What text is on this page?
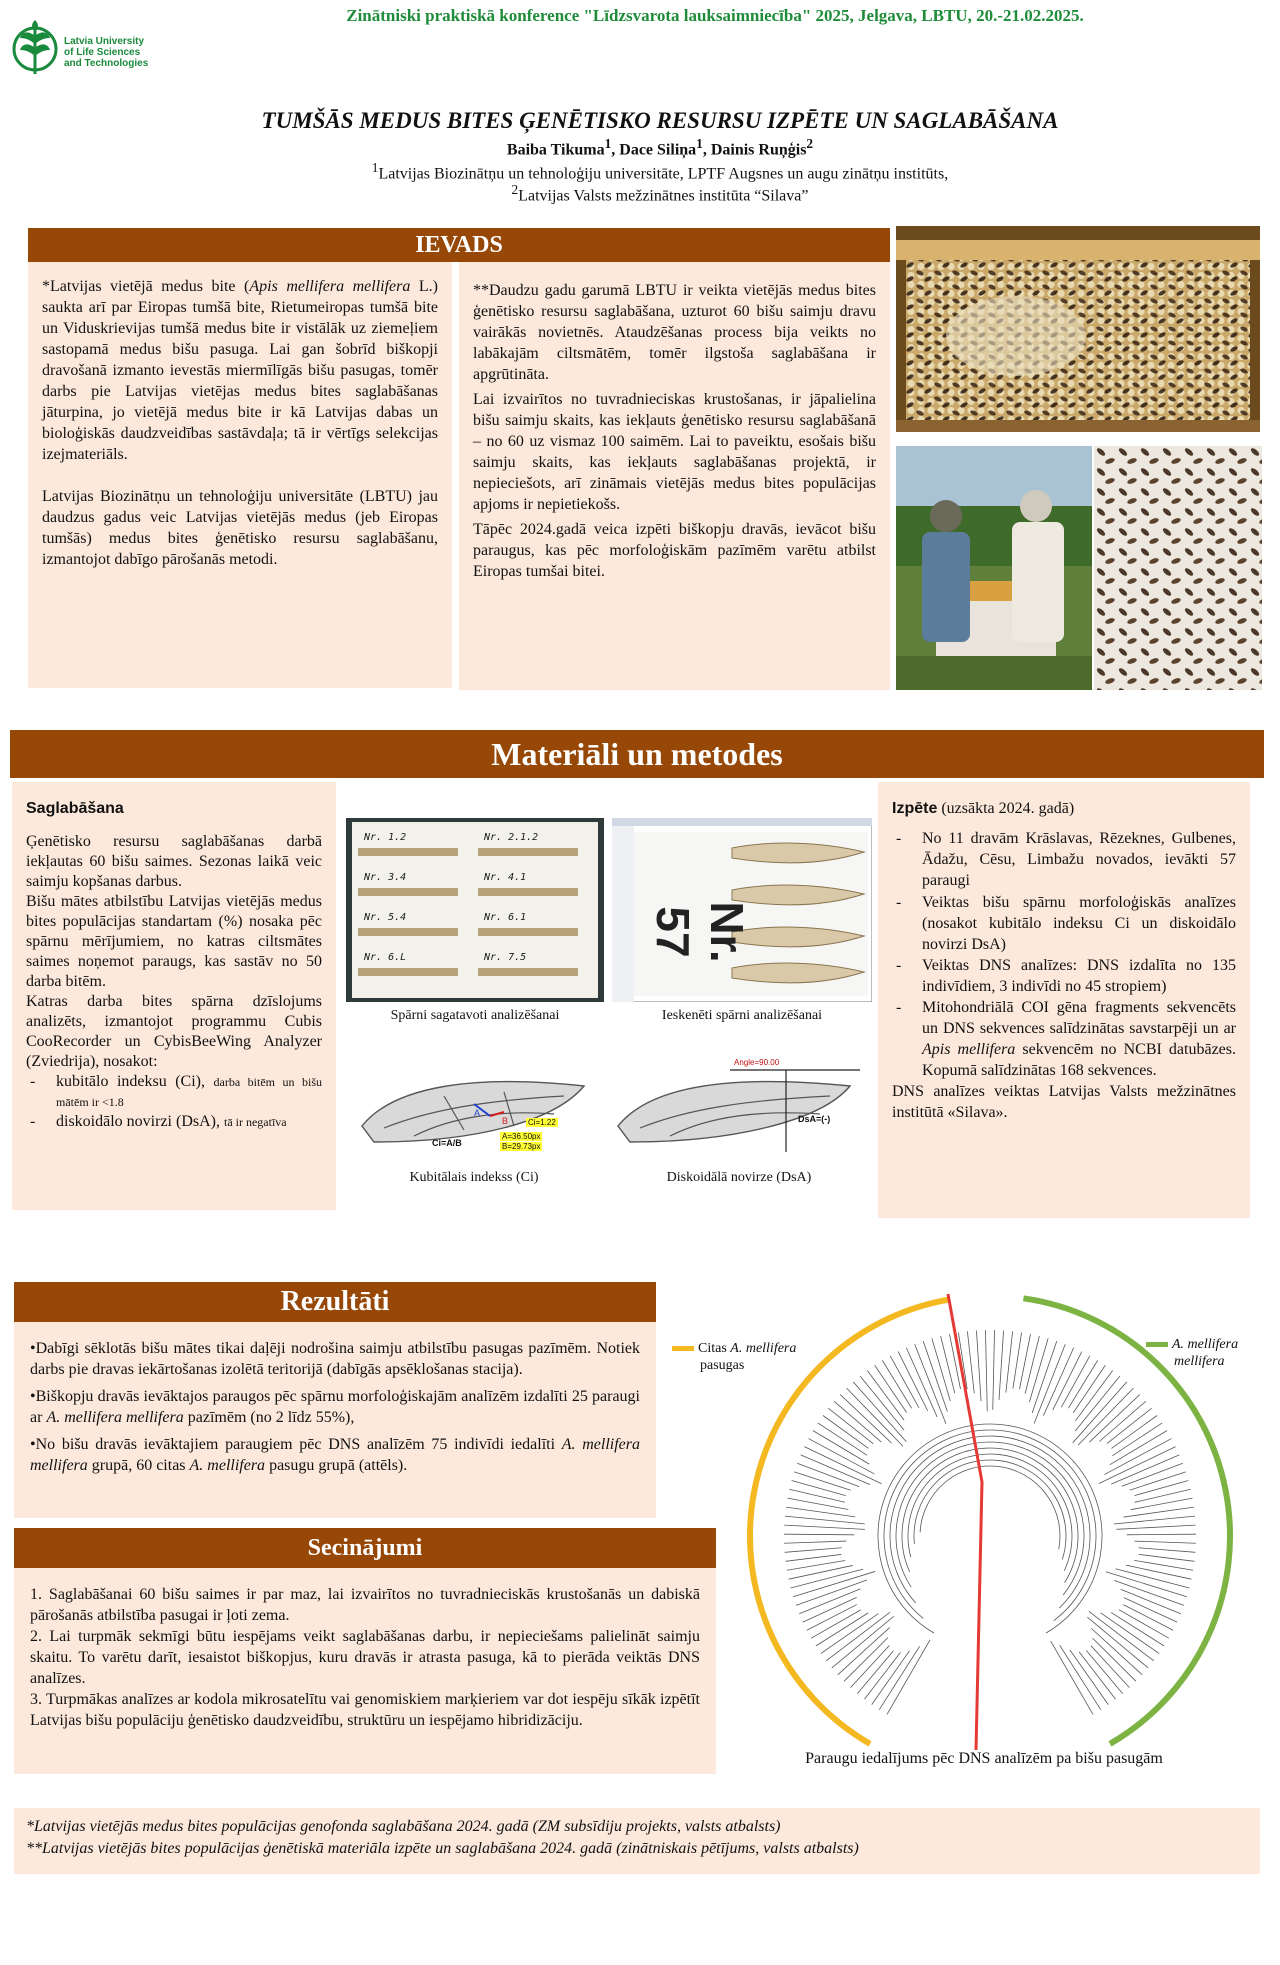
Zinātniski praktiskā konference "Līdzsvarota lauksaimniecība" 2025, Jelgava, LBTU, 20.-21.02.2025.
Latvia University
of Life Sciences
and Technologies
TUMŠĀS MEDUS BITES ĢENĒTISKO RESURSU IZPĒTE UN SAGLABĀŠANA
Baiba Tikuma$^1$, Dace Siliņa$^1$, Dainis Ruņģis$^2$
$^1$Latvijas Biozinātņu un tehnoloģiju universitāte, LPTF Augsnes un augu zinātņu institūts,
$^2$Latvijas Valsts mežzinātnes institūta “Silava”
IEVADS

*Latvijas vietējā medus bite (Apis mellifera mellifera L.) saukta arī par Eiropas tumšā bite, Rietumeiropas tumšā bite un Viduskrievijas tumšā medus bite ir vistālāk uz ziemeļiem sastopamā medus bišu pasuga. Lai gan šobrīd biškopji dravošanā izmanto ievestās miermīlīgās bišu pasugas, tomēr darbs pie Latvijas vietējas medus bites saglabāšanas jāturpina, jo vietējā medus bite ir kā Latvijas dabas un bioloģiskās daudzveidības sastāvdaļa; tā ir vērtīgs selekcijas izejmateriāls.

Latvijas Biozinātņu un tehnoloģiju universitāte (LBTU) jau daudzus gadus veic Latvijas vietējās medus (jeb Eiropas tumšās) medus bites ģenētisko resursu saglabāšanu, izmantojot dabīgo pārošanās metodi.

**Daudzu gadu garumā LBTU ir veikta vietējās medus bites ģenētisko resursu saglabāšana, uzturot 60 bišu saimju dravu vairākās novietnēs. Ataudzēšanas process bija veikts no labākajām ciltsmātēm, tomēr ilgstoša saglabāšana ir apgrūtināta.

Lai izvairītos no tuvradnieciskas krustošanas, ir jāpalielina bišu saimju skaits, kas iekļauts ģenētisko resursu saglabāšanā – no 60 uz vismaz 100 saimēm. Lai to paveiktu, esošais bišu saimju skaits, kas iekļauts saglabāšanas projektā, ir nepieciešots, arī zināmais vietējās medus bites populācijas apjoms ir nepietiekošs.

Tāpēc 2024.gadā veica izpēti biškopju dravās, ievācot bišu paraugus, kas pēc morfoloģiskām pazīmēm varētu atbilst Eiropas tumšai bitei.

Materiāli un metodes
Saglabāšana

Ģenētisko resursu saglabāšanas darbā iekļautas 60 bišu saimes. Sezonas laikā veic saimju kopšanas darbus.

Bišu mātes atbilstību Latvijas vietējās medus bites populācijas standartam (%) nosaka pēc spārnu mērījumiem, no katras ciltsmātes saimes noņemot paraugs, kas sastāv no 50 darba bitēm.

Katras darba bites spārna dzīslojums analizēts, izmantojot programmu Cubis CooRecorder un CybisBeeWing Analyzer (Zviedrija), nosakot:

- kubitālo indeksu (Ci), darba bitēm un bišu mātēm ir <1.8
- diskoidālo novirzi (DsA), tā ir negatīva
Nr. 1.2	Nr. 2.1.2
Nr. 3.4	Nr. 4.1
Nr. 5.4	Nr. 6.1
Nr. 6.L	Nr. 7.5
Spārni sagatavoti analizēšanai
Nr. 57
Ieskenēti spārni analizēšanai
Ci=A/B
A
B Ci=1.22
A=36.50px
B=29.73px
Kubitālais indekss (Ci)
Angle=90.00
DsA=(-)
Diskoidālā novirze (DsA)
Izpēte (uzsākta 2024. gadā)
- No 11 dravām Krāslavas, Rēzeknes, Gulbenes, Ādažu, Cēsu, Limbažu novados, ievākti 57 paraugi
- Veiktas bišu spārnu morfoloģiskās analīzes (nosakot kubitālo indeksu Ci un diskoidālo novirzi DsA)
- Veiktas DNS analīzes: DNS izdalīta no 135 indivīdiem, 3 indivīdi no 45 stropiem)
- Mitohondriālā COI gēna fragments sekvencēts un DNS sekvences salīdzinātas savstarpēji un ar Apis mellifera sekvencēm no NCBI datubāzes. Kopumā salīdzinātas 168 sekvences.

DNS analīzes veiktas Latvijas Valsts mežzinātnes institūtā «Silava».

Rezultāti

•Dabīgi sēklotās bišu mātes tikai daļēji nodrošina saimju atbilstību pasugas pazīmēm. Notiek darbs pie dravas iekārtošanas izolētā teritorijā (dabīgās apsēklošanas stacija).

•Biškopju dravās ievāktajos paraugos pēc spārnu morfoloģiskajām analīzēm izdalīti 25 paraugi ar A. mellifera mellifera pazīmēm (no 2 līdz 55%),

•No bišu dravās ievāktajiem paraugiem pēc DNS analīzēm 75 indivīdi iedalīti A. mellifera mellifera grupā, 60 citas A. mellifera pasugu grupā (attēls).

Secinājumi

1. Saglabāšanai 60 bišu saimes ir par maz, lai izvairītos no tuvradnieciskās krustošanās un dabiskā pārošanās atbilstība pasugai ir ļoti zema.

2. Lai turpmāk sekmīgi būtu iespējams veikt saglabāšanas darbu, ir nepieciešams palielināt saimju skaitu. To varētu darīt, iesaistot biškopjus, kuru dravās ir atrasta pasuga, kā to pierāda veiktās DNS analīzes.

3. Turpmākas analīzes ar kodola mikrosatelītu vai genomiskiem marķieriem var dot iespēju sīkāk izpētīt Latvijas bišu populāciju ģenētisko daudzveidību, struktūru un iespējamo hibridizāciju.

Citas A. mellifera
pasugas
A. mellifera
mellifera
Paraugu iedalījums pēc DNS analīzēm pa bišu pasugām
*Latvijas vietējās medus bites populācijas genofonda saglabāšana 2024. gadā (ZM subsīdiju projekts, valsts atbalsts)
**Latvijas vietējās bites populācijas ģenētiskā materiāla izpēte un saglabāšana 2024. gadā (zinātniskais pētījums, valsts atbalsts)
